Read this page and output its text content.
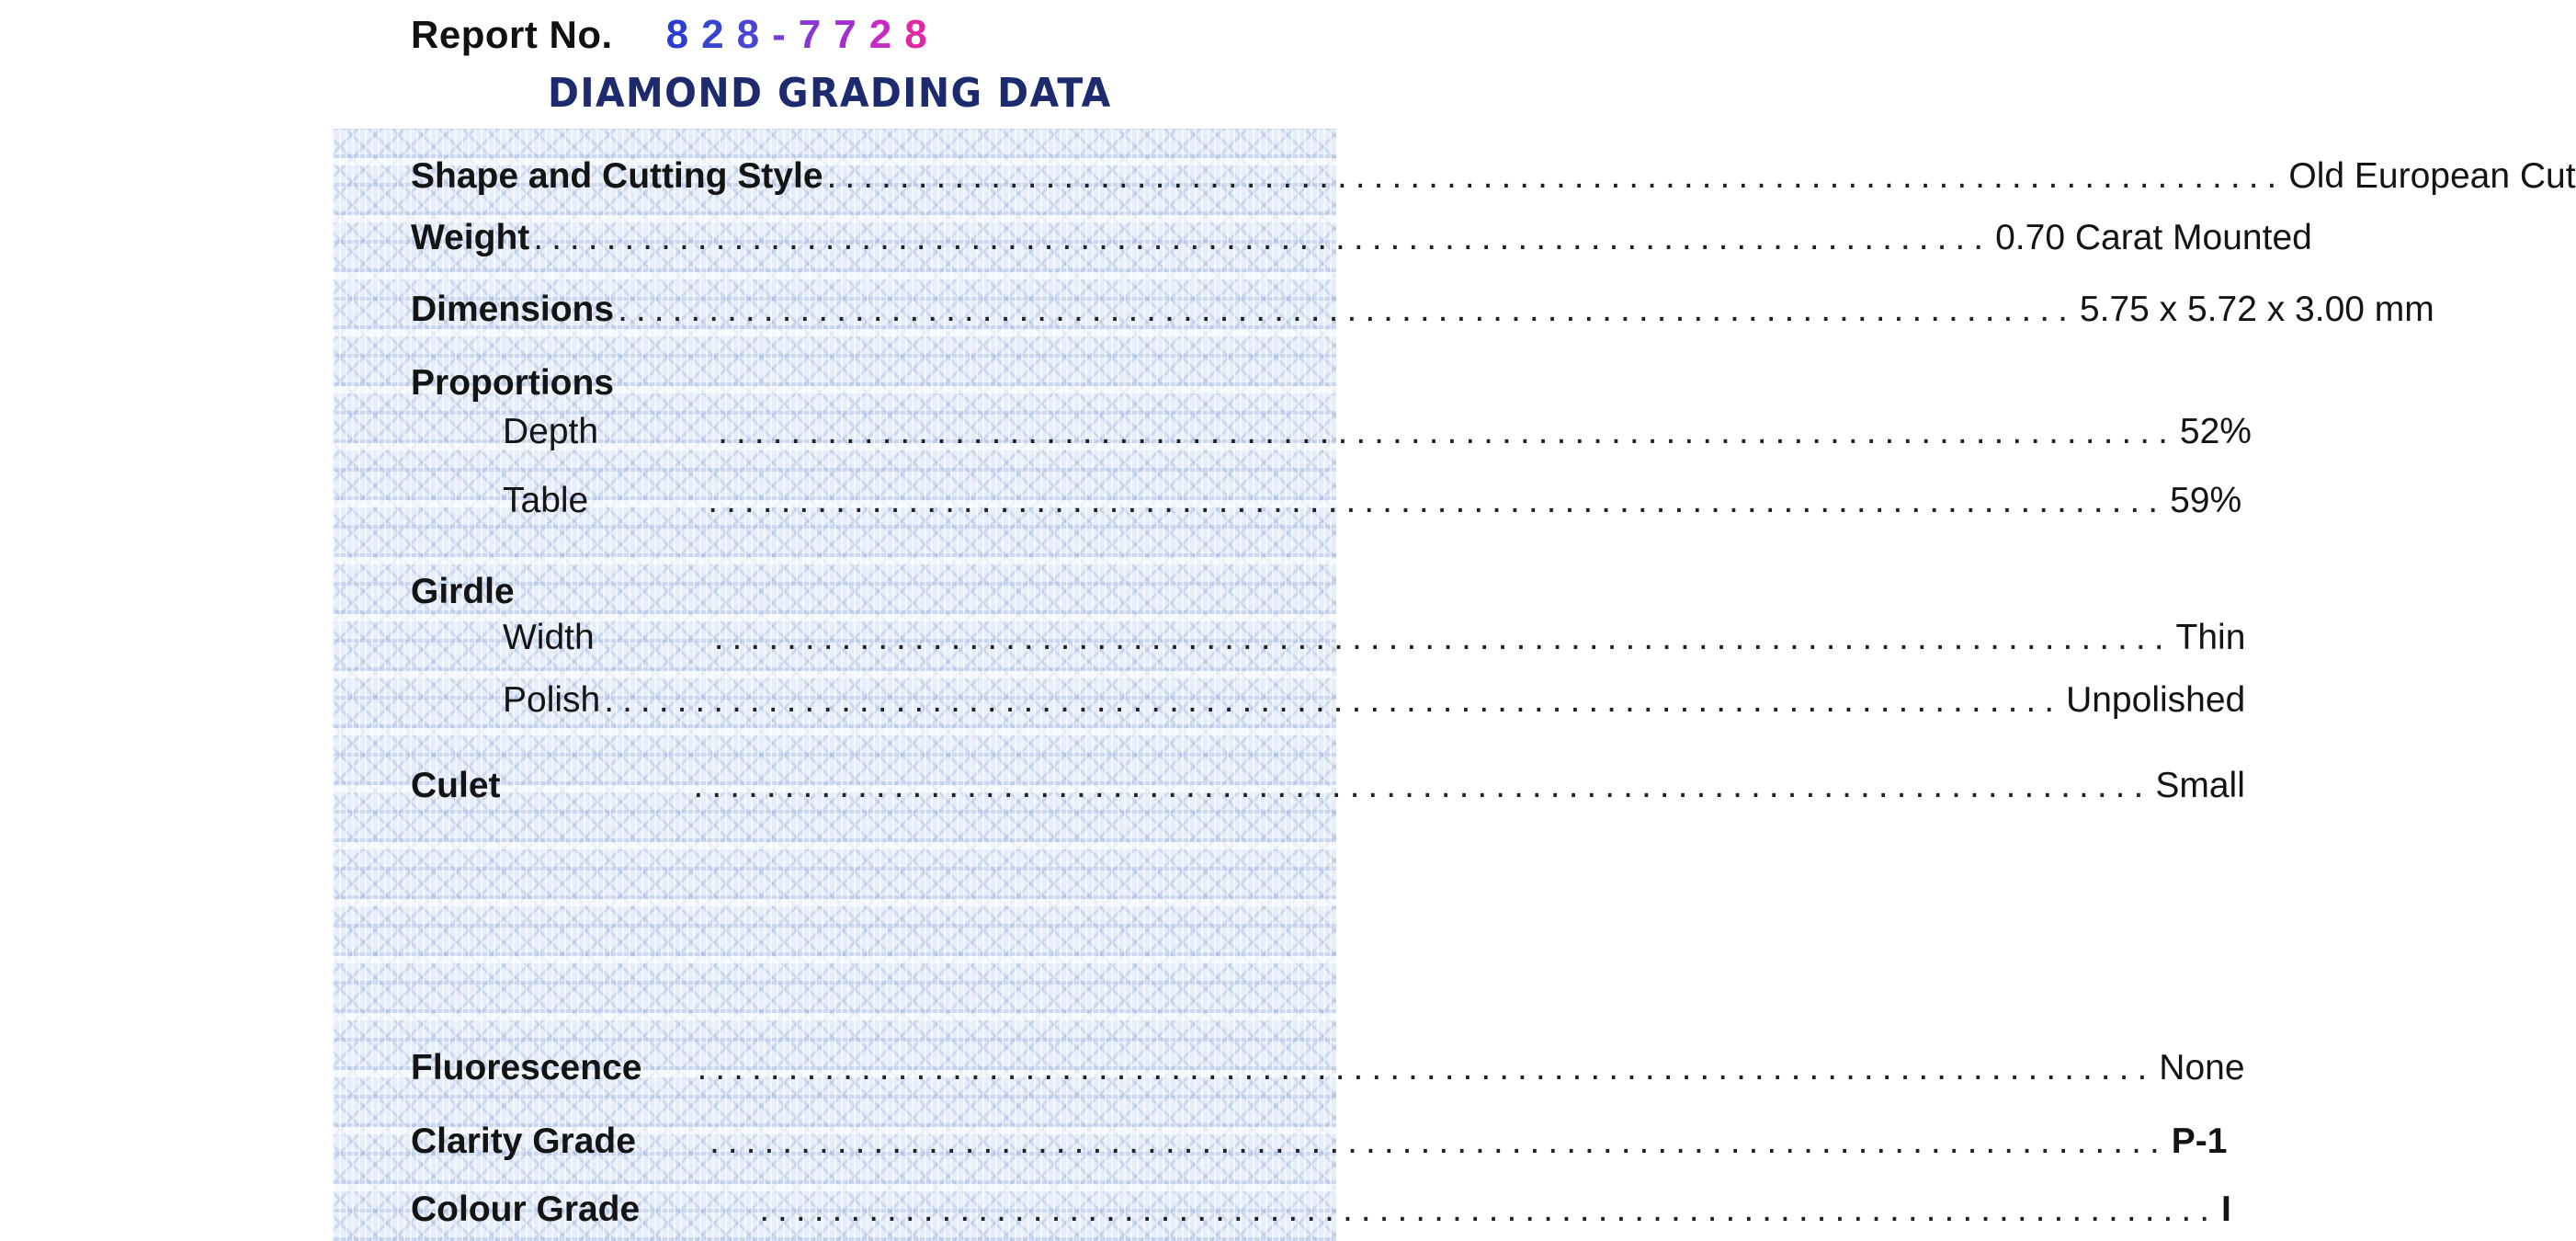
Report No. 8 2 8 - 7 7 2 8
DIAMOND GRADING DATA
Shape and Cutting Style ................................................................................ Old European Cut
Weight ................................................................................ 0.70 Carat Mounted
Dimensions ................................................................................ 5.75 x 5.72 x 3.00 mm
Proportions
Depth	................................................................................ 52%
Table	................................................................................ 59%
Girdle
Width	................................................................................ Thin
Polish ................................................................................ Unpolished
Culet	................................................................................ Small
Fluorescence	................................................................................ None
Clarity Grade	................................................................................ P-1
Colour Grade	................................................................................ I
